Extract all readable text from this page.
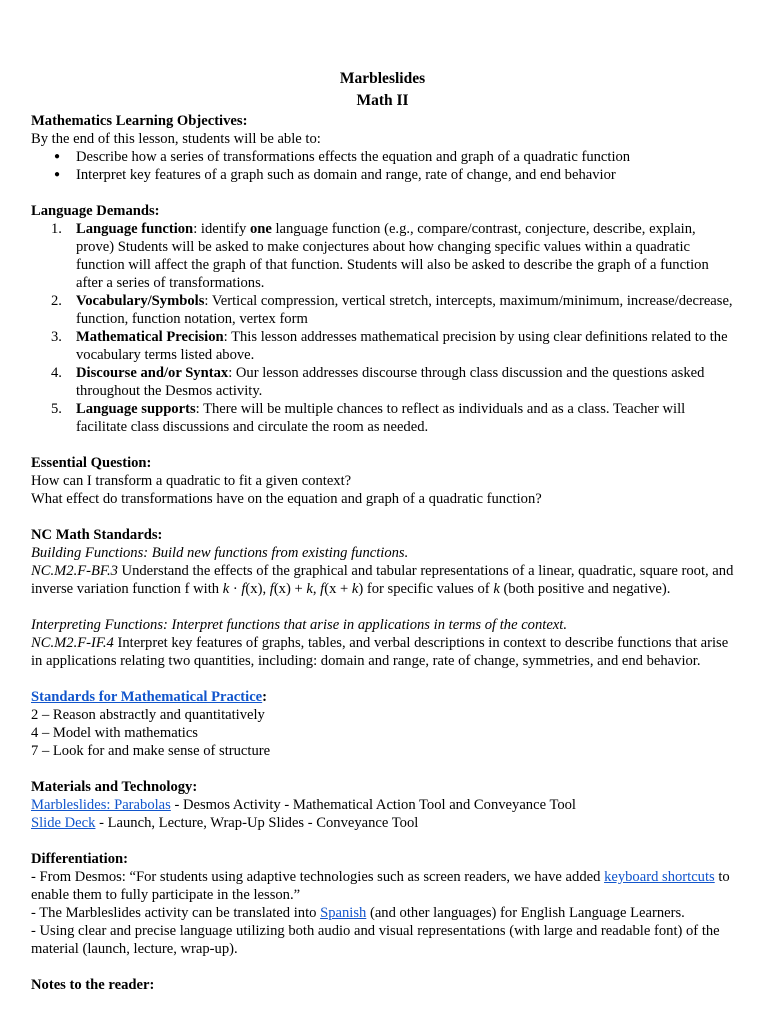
Marbleslides
Math II

Mathematics Learning Objectives:

By the end of this lesson, students will be able to:

● Describe how a series of transformations effects the equation and graph of a quadratic function
● Interpret key features of a graph such as domain and range, rate of change, and end behavior

Language Demands:

1. Language function: identify one language function (e.g., compare/contrast, conjecture, describe, explain, prove) Students will be asked to make conjectures about how changing specific values within a quadratic function will affect the graph of that function. Students will also be asked to describe the graph of a function after a series of transformations.
2. Vocabulary/Symbols: Vertical compression, vertical stretch, intercepts, maximum/minimum, increase/decrease, function, function notation, vertex form
3. Mathematical Precision: This lesson addresses mathematical precision by using clear definitions related to the vocabulary terms listed above.
4. Discourse and/or Syntax: Our lesson addresses discourse through class discussion and the questions asked throughout the Desmos activity.
5. Language supports: There will be multiple chances to reflect as individuals and as a class. Teacher will facilitate class discussions and circulate the room as needed.

Essential Question:

How can I transform a quadratic to fit a given context?

What effect do transformations have on the equation and graph of a quadratic function?

NC Math Standards:

Building Functions: Build new functions from existing functions.

NC.M2.F-BF.3 Understand the effects of the graphical and tabular representations of a linear, quadratic, square root, and inverse variation function f with k · f(x), f(x) + k, f(x + k) for specific values of k (both positive and negative).

Interpreting Functions: Interpret functions that arise in applications in terms of the context.

NC.M2.F-IF.4 Interpret key features of graphs, tables, and verbal descriptions in context to describe functions that arise in applications relating two quantities, including: domain and range, rate of change, symmetries, and end behavior.

Standards for Mathematical Practice:

2 – Reason abstractly and quantitatively

4 – Model with mathematics

7 – Look for and make sense of structure

Materials and Technology:

Marbleslides: Parabolas - Desmos Activity - Mathematical Action Tool and Conveyance Tool

Slide Deck - Launch, Lecture, Wrap-Up Slides - Conveyance Tool

Differentiation:

- From Desmos: “For students using adaptive technologies such as screen readers, we have added keyboard shortcuts to enable them to fully participate in the lesson.”

- The Marbleslides activity can be translated into Spanish (and other languages) for English Language Learners.

- Using clear and precise language utilizing both audio and visual representations (with large and readable font) of the material (launch, lecture, wrap-up).

Notes to the reader:
